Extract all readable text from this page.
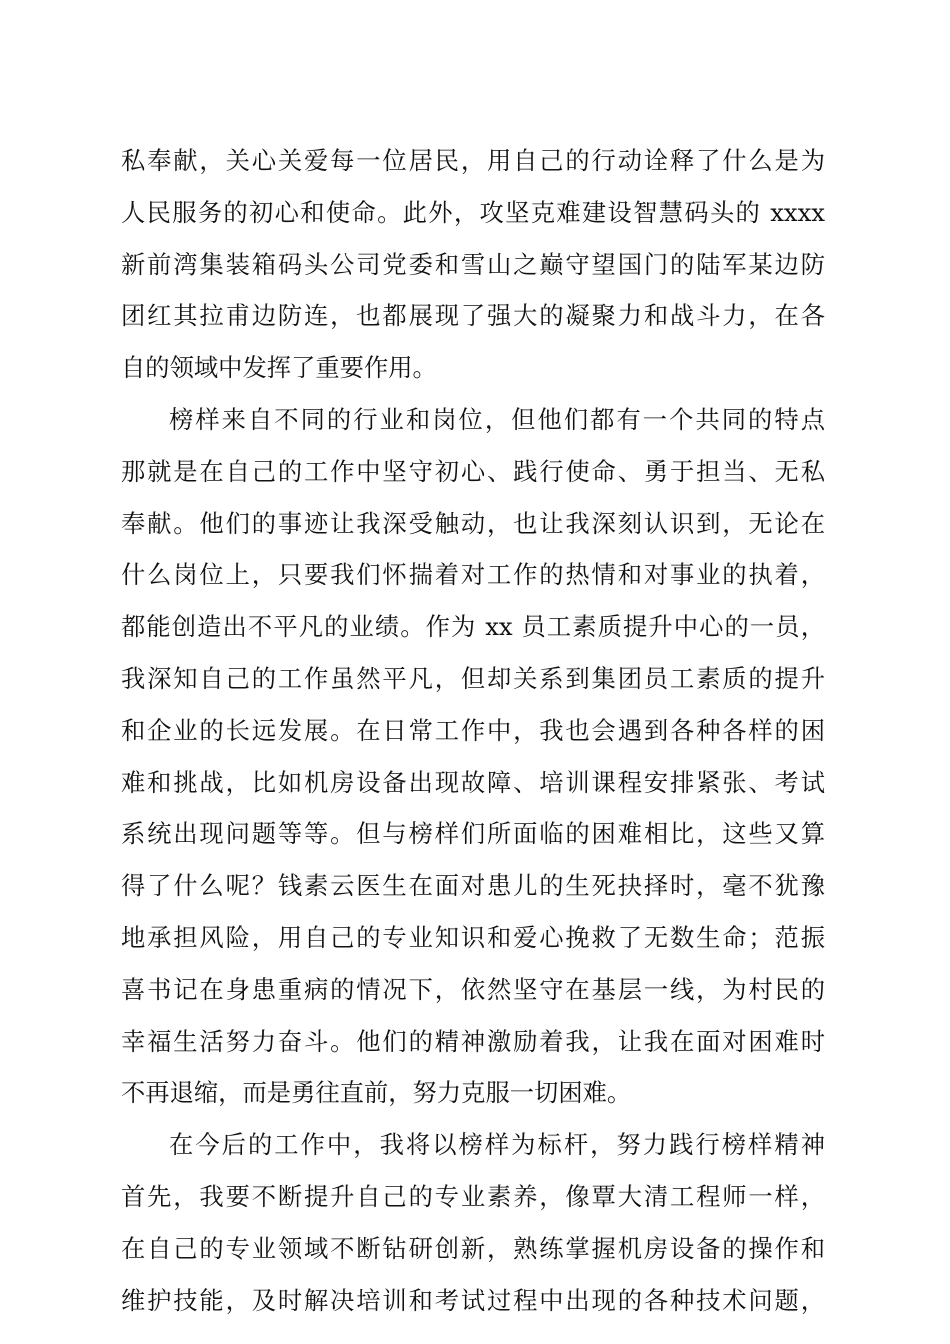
私奉献，关心关爱每一位居民，用自己的行动诠释了什么是为
人民服务的初心和使命。此外，攻坚克难建设智慧码头的 xxxx
新前湾集装箱码头公司党委和雪山之巅守望国门的陆军某边防
团红其拉甫边防连，也都展现了强大的凝聚力和战斗力，在各
自的领域中发挥了重要作用。
榜样来自不同的行业和岗位，但他们都有一个共同的特点
那就是在自己的工作中坚守初心、践行使命、勇于担当、无私
奉献。他们的事迹让我深受触动，也让我深刻认识到，无论在
什么岗位上，只要我们怀揣着对工作的热情和对事业的执着，
都能创造出不平凡的业绩。作为 xx 员工素质提升中心的一员，
我深知自己的工作虽然平凡，但却关系到集团员工素质的提升
和企业的长远发展。在日常工作中，我也会遇到各种各样的困
难和挑战，比如机房设备出现故障、培训课程安排紧张、考试
系统出现问题等等。但与榜样们所面临的困难相比，这些又算
得了什么呢？钱素云医生在面对患儿的生死抉择时，毫不犹豫
地承担风险，用自己的专业知识和爱心挽救了无数生命；范振
喜书记在身患重病的情况下，依然坚守在基层一线，为村民的
幸福生活努力奋斗。他们的精神激励着我，让我在面对困难时
不再退缩，而是勇往直前，努力克服一切困难。
在今后的工作中，我将以榜样为标杆，努力践行榜样精神
首先，我要不断提升自己的专业素养，像覃大清工程师一样，
在自己的专业领域不断钻研创新，熟练掌握机房设备的操作和
维护技能，及时解决培训和考试过程中出现的各种技术问题，
